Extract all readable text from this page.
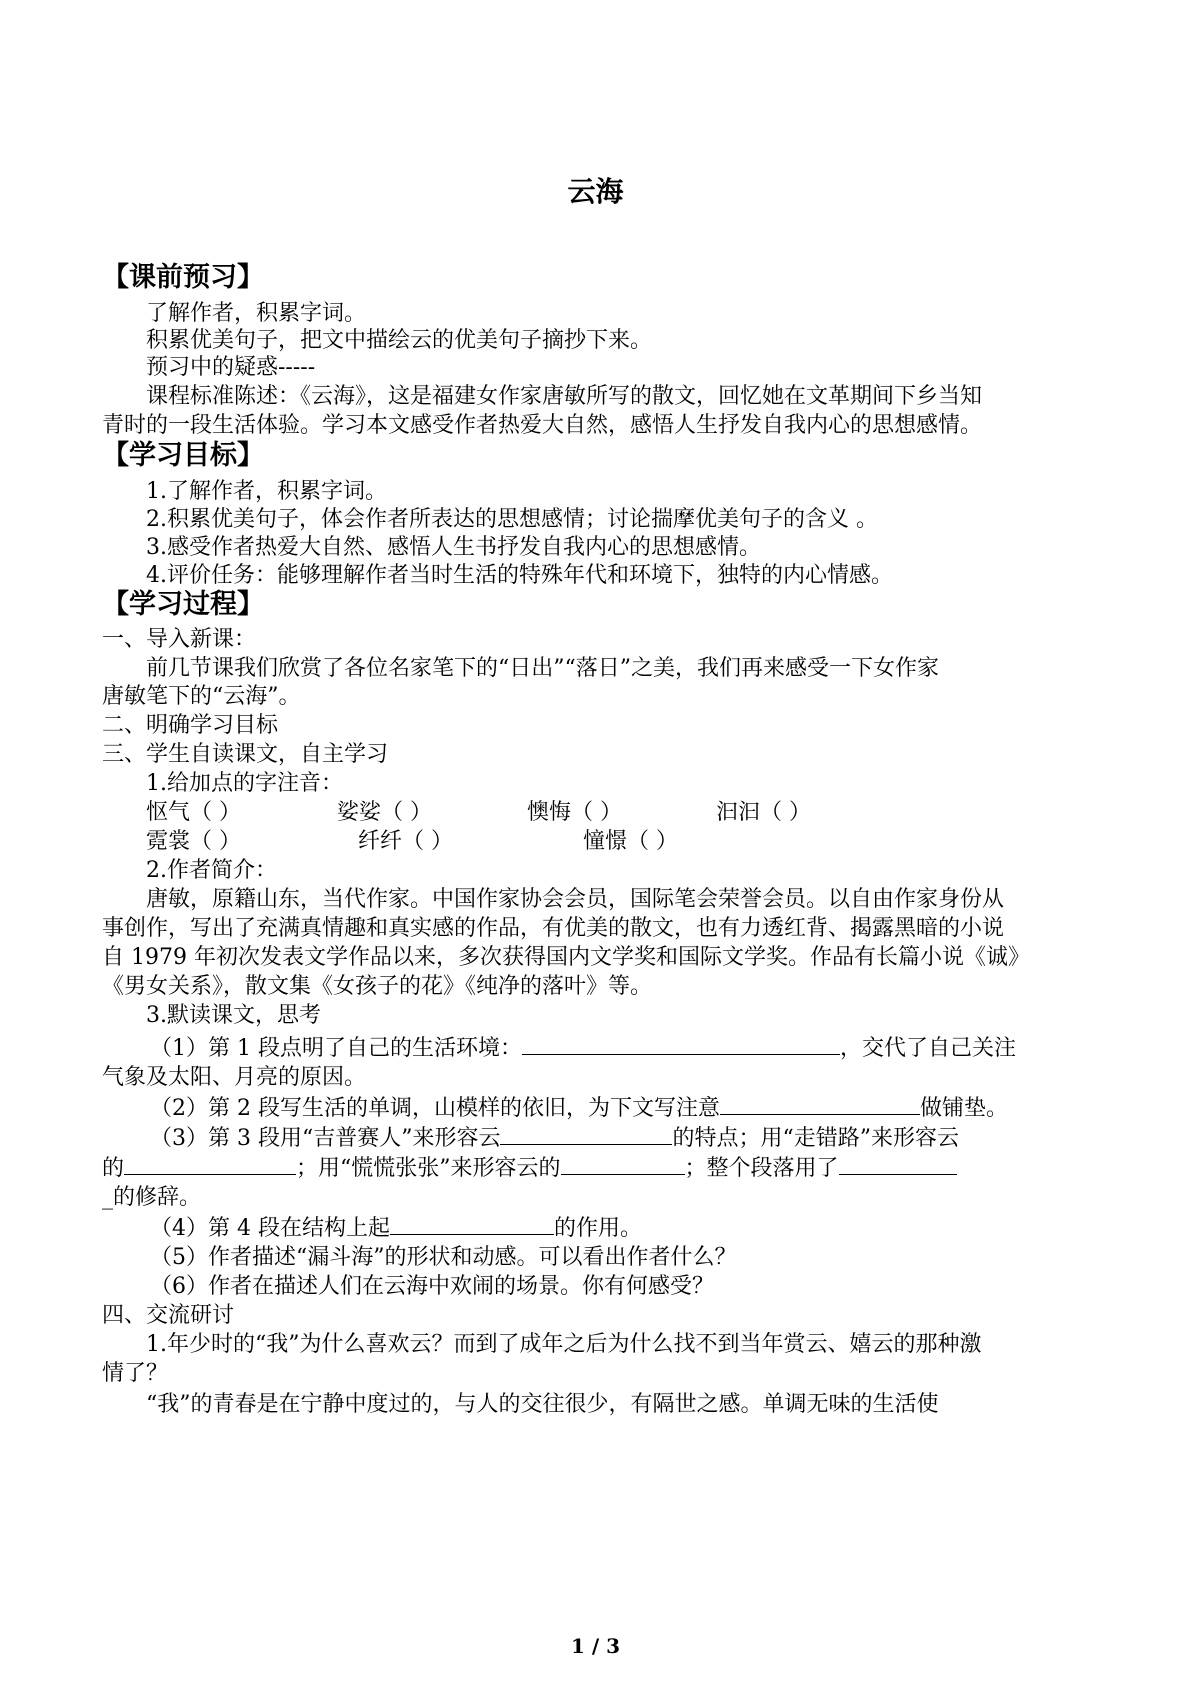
云海
【课前预习】
了解作者，积累字词。
积累优美句子，把文中描绘云的优美句子摘抄下来。
预习中的疑惑-----
课程标准陈述：《云海》，这是福建女作家唐敏所写的散文，回忆她在文革期间下乡当知
青时的一段生活体验。学习本文感受作者热爱大自然，感悟人生抒发自我内心的思想感情。
【学习目标】
1.了解作者，积累字词。
2.积累优美句子，体会作者所表达的思想感情；讨论揣摩优美句子的含义 。
3.感受作者热爱大自然、感悟人生书抒发自我内心的思想感情。
4.评价任务：能够理解作者当时生活的特殊年代和环境下，独特的内心情感。
【学习过程】
一、导入新课：
前几节课我们欣赏了各位名家笔下的“日出”“落日”之美，我们再来感受一下女作家
唐敏笔下的“云海”。
二、明确学习目标
三、学生自读课文，自主学习
1.给加点的字注音：
怄气（ ）	娑娑（ ）	懊悔（ ）	汩汩（ ）
霓裳（ ）	纤纤（ ）	憧憬（ ）
2.作者简介：
唐敏，原籍山东，当代作家。中国作家协会会员，国际笔会荣誉会员。以自由作家身份从
事创作，写出了充满真情趣和真实感的作品，有优美的散文，也有力透红背、揭露黑暗的小说
自 1979 年初次发表文学作品以来，多次获得国内文学奖和国际文学奖。作品有长篇小说《诚》
《男女关系》，散文集《女孩子的花》《纯净的落叶》等。
3.默读课文，思考
（1）第 1 段点明了自己的生活环境：	，交代了自己关注
气象及太阳、月亮的原因。
（2）第 2 段写生活的单调，山模样的依旧，为下文写注意	做铺垫。
（3）第 3 段用“吉普赛人”来形容云	的特点；用“走错路”来形容云
的	；用“慌慌张张”来形容云的	；整个段落用了
_的修辞。
（4）第 4 段在结构上起	的作用。
（5）作者描述“漏斗海”的形状和动感。可以看出作者什么？
（6）作者在描述人们在云海中欢闹的场景。你有何感受？
四、交流研讨
1.年少时的“我”为什么喜欢云？而到了成年之后为什么找不到当年赏云、嬉云的那种激
情了？
“我”的青春是在宁静中度过的，与人的交往很少，有隔世之感。单调无味的生活使
1 / 3
